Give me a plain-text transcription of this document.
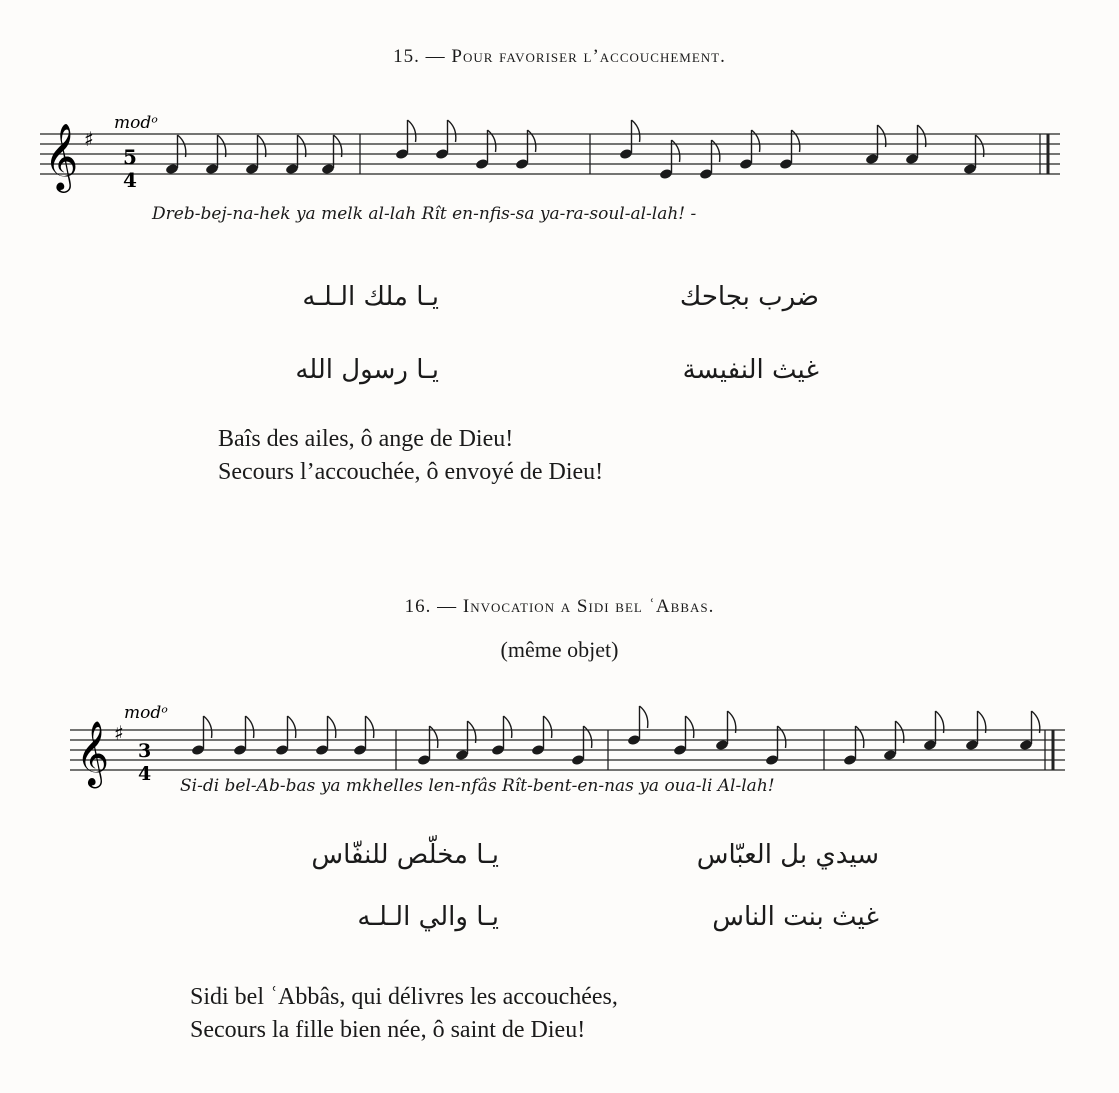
15. — Pour favoriser l’accouchement.
𝄞 ♯
modᵒ
5
4
Dreb-bej-na-hek ya melk al-lah Rît en-nfis-sa ya-ra-soul-al-lah! -
ضرب بجاحك
يـا ملك الـلـه
غيث النفيسة
يـا رسول الله
Baîs des ailes, ô ange de Dieu!
Secours l’accouchée, ô envoyé de Dieu!
16. — Invocation a Sidi bel ʿAbbas.
(même objet)
𝄞 ♯
modᵒ
3
4
Si-di bel-Ab-bas ya mkhelles len-nfâs Rît-bent-en-nas ya oua-li Al-lah!
سيدي بل العبّاس
يـا مخلّص للنفّاس
غيث بنت الناس
يـا والي الـلـه
Sidi bel ʿAbbâs, qui délivres les accouchées,
Secours la fille bien née, ô saint de Dieu!
